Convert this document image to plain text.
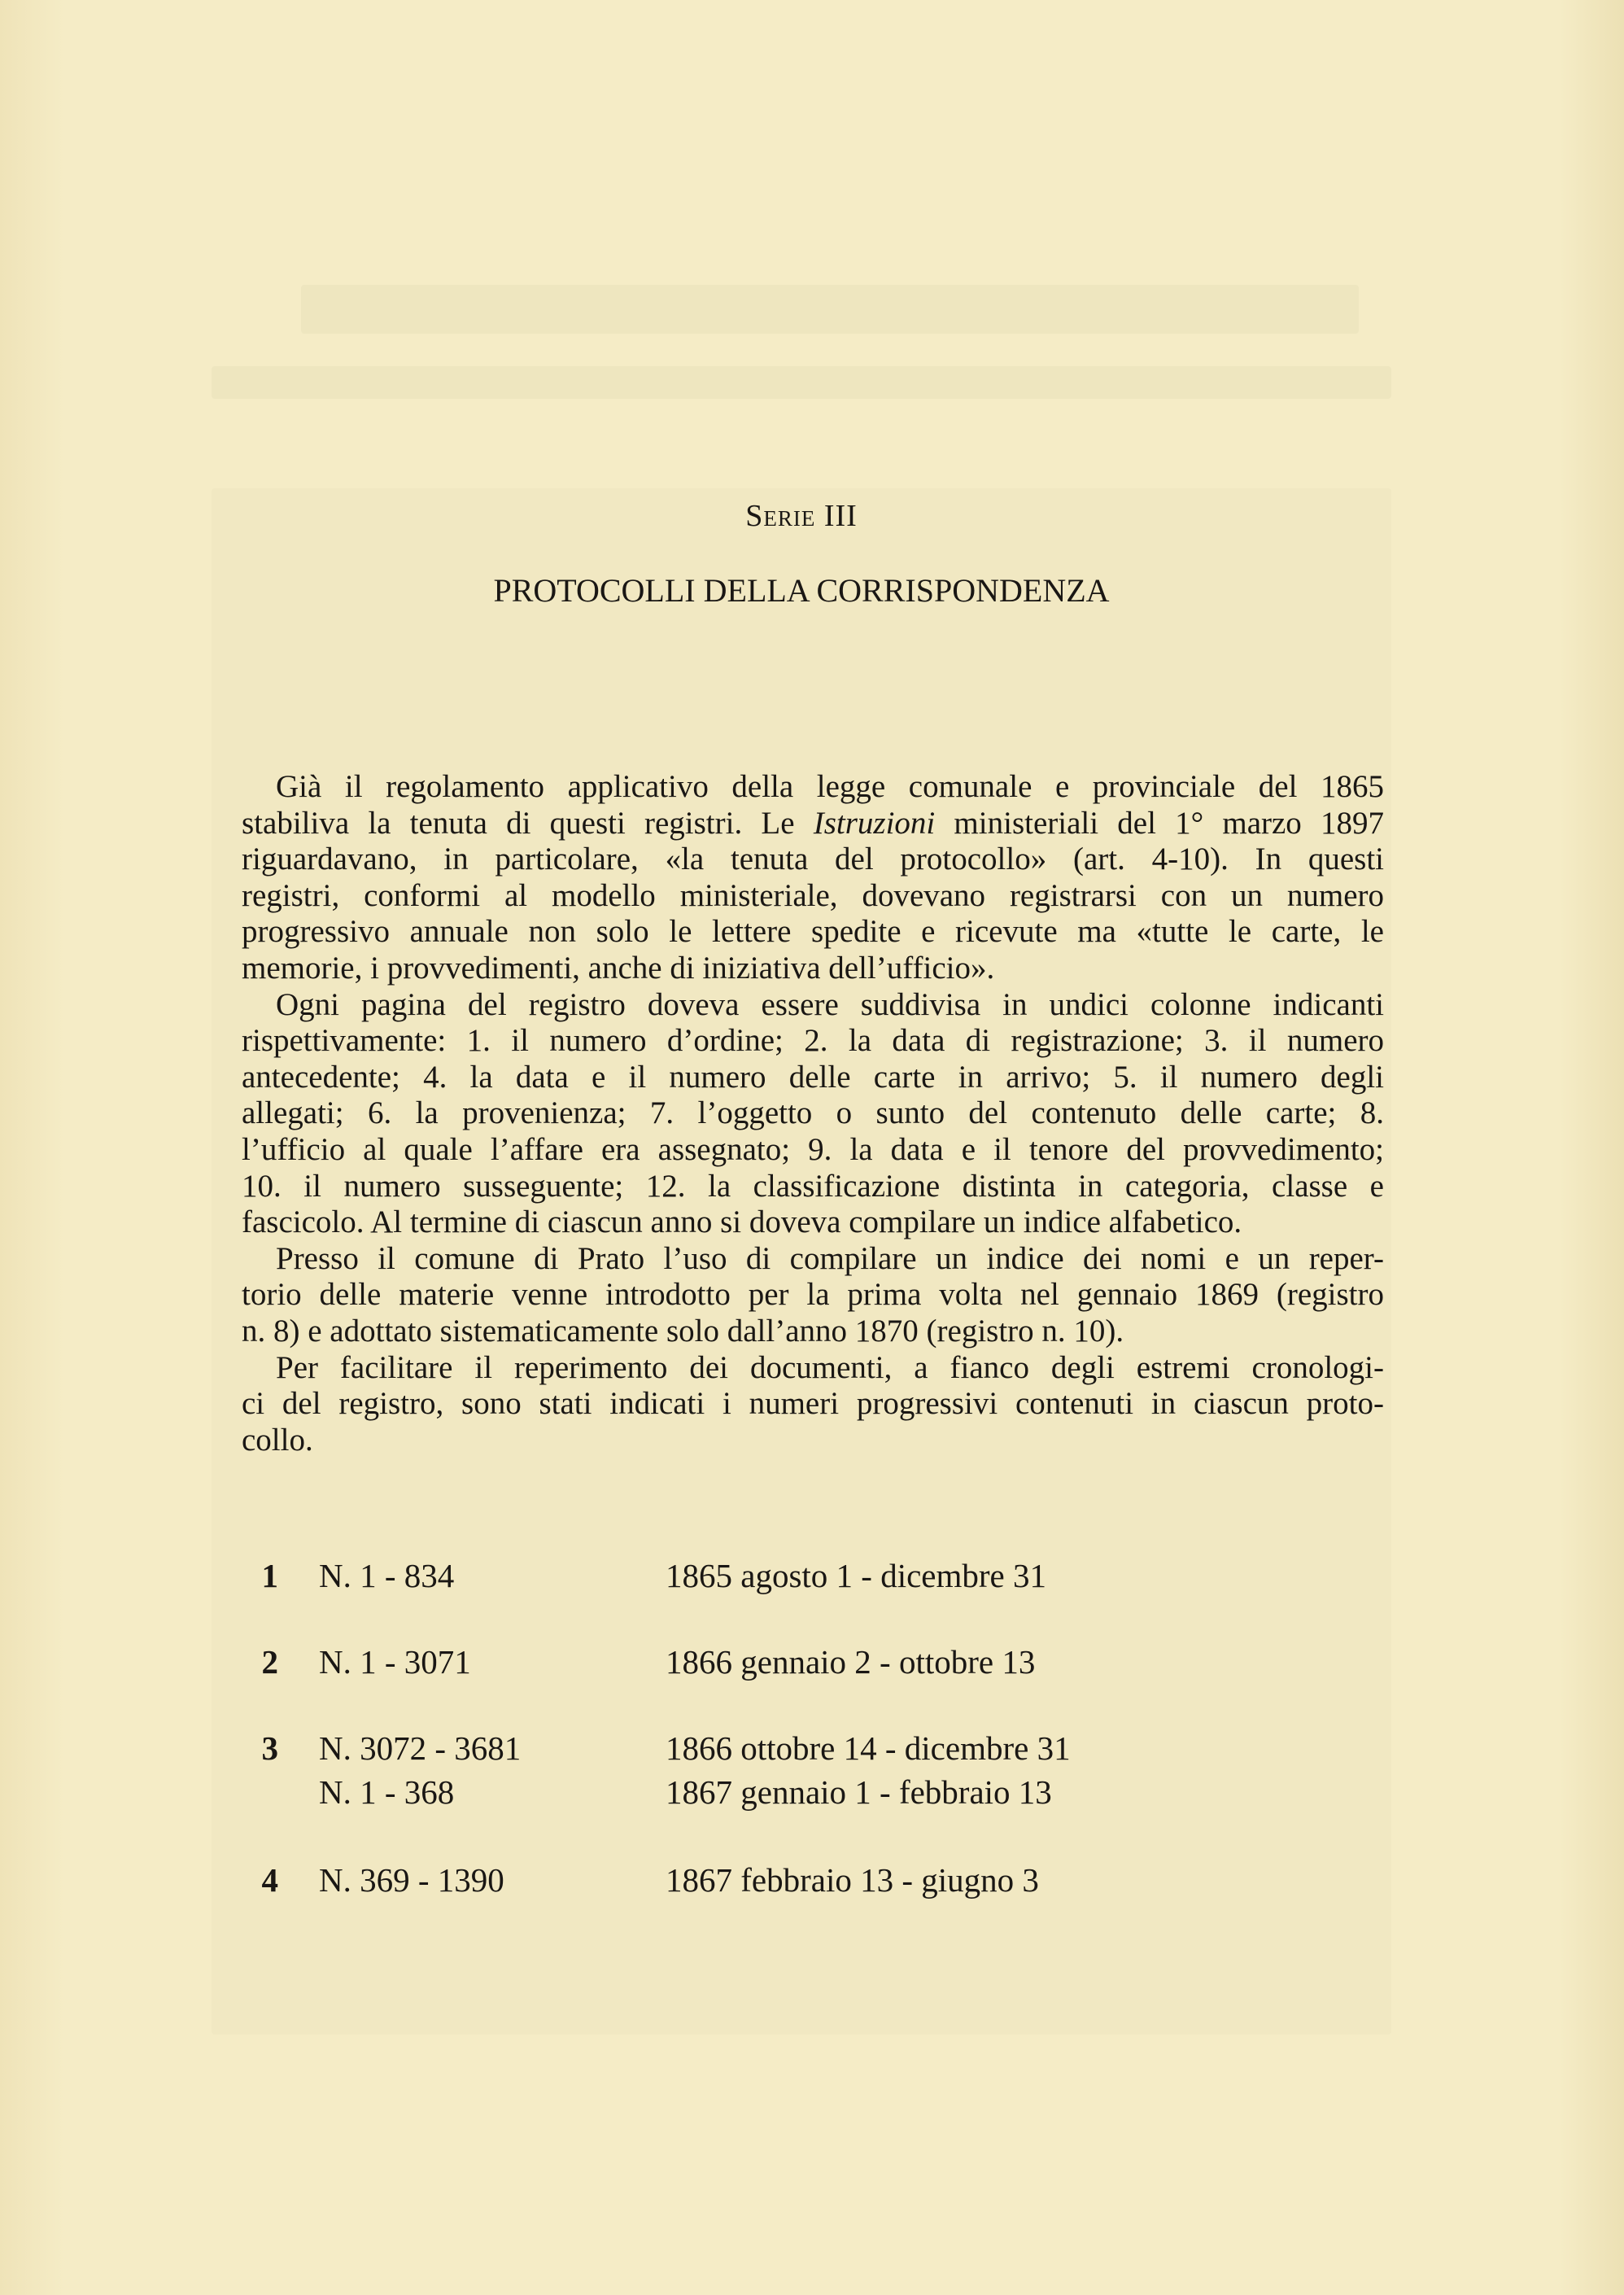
Serie III
PROTOCOLLI DELLA CORRISPONDENZA
Già il regolamento applicativo della legge comunale e provinciale del 1865
stabiliva la tenuta di questi registri. Le Istruzioni ministeriali del 1° marzo 1897
riguardavano, in particolare, «la tenuta del protocollo» (art. 4-10). In questi
registri, conformi al modello ministeriale, dovevano registrarsi con un numero
progressivo annuale non solo le lettere spedite e ricevute ma «tutte le carte, le
memorie, i provvedimenti, anche di iniziativa dell’ufficio».
Ogni pagina del registro doveva essere suddivisa in undici colonne indicanti
rispettivamente: 1. il numero d’ordine; 2. la data di registrazione; 3. il numero
antecedente; 4. la data e il numero delle carte in arrivo; 5. il numero degli
allegati; 6. la provenienza; 7. l’oggetto o sunto del contenuto delle carte; 8.
l’ufficio al quale l’affare era assegnato; 9. la data e il tenore del provvedimento;
10. il numero susseguente; 12. la classificazione distinta in categoria, classe e
fascicolo. Al termine di ciascun anno si doveva compilare un indice alfabetico.
Presso il comune di Prato l’uso di compilare un indice dei nomi e un reper-
torio delle materie venne introdotto per la prima volta nel gennaio 1869 (registro
n. 8) e adottato sistematicamente solo dall’anno 1870 (registro n. 10).
Per facilitare il reperimento dei documenti, a fianco degli estremi cronologi-
ci del registro, sono stati indicati i numeri progressivi contenuti in ciascun proto-
collo.
1 N. 1 - 834	1865 agosto 1 - dicembre 31
2 N. 1 - 3071	1866 gennaio 2 - ottobre 13
3 N. 3072 - 3681	1866 ottobre 14 - dicembre 31
N. 1 - 368	1867 gennaio 1 - febbraio 13
4 N. 369 - 1390	1867 febbraio 13 - giugno 3
